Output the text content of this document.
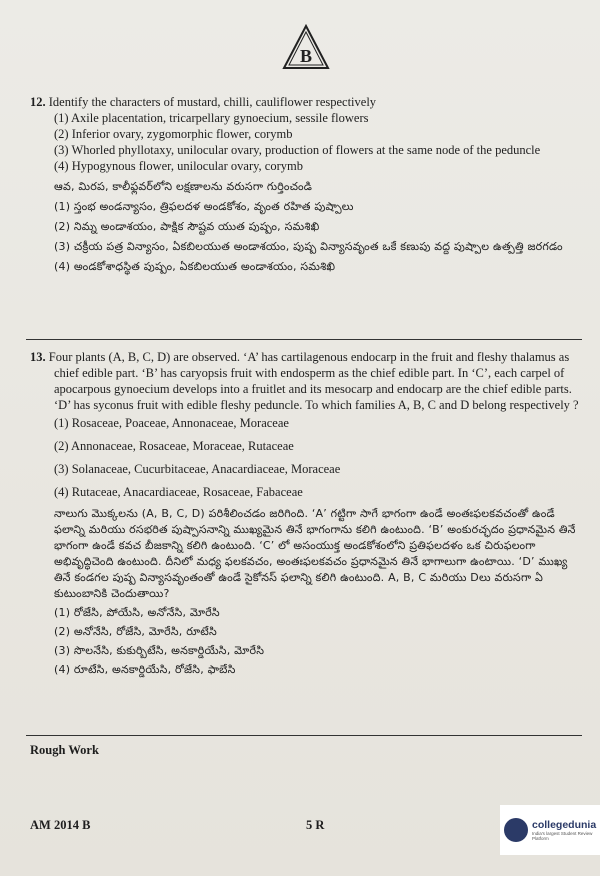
B
12. Identify the characters of mustard, chilli, cauliflower respectively
(1) Axile placentation, tricarpellary gynoecium, sessile flowers
(2) Inferior ovary, zygomorphic flower, corymb
(3) Whorled phyllotaxy, unilocular ovary, production of flowers at the same node of the peduncle
(4) Hypogynous flower, unilocular ovary, corymb
ఆవ, మిరప, కాలీఫ్లవర్‌లోని లక్షణాలను వరుసగా గుర్తించండి
(1) స్తంభ అండన్యాసం, త్రిఫలదళ అండకోశం, వృంత రహిత పుష్పాలు
(2) నిమ్న అండాశయం, పాక్షిక సౌష్టవ యుత పుష్పం, సమశిఖి
(3) చక్రీయ పత్ర విన్యాసం, ఏకబిలయుత అండాశయం, పుష్ప విన్యాసవృంత ఒకే కణుపు వద్ద పుష్పాల ఉత్పత్తి జరగడం
(4) అండకోశాధస్థిత పుష్పం, ఏకబిలయుత అండాశయం, సమశిఖి
13. Four plants (A, B, C, D) are observed. ‘A’ has cartilagenous endocarp in the fruit and fleshy thalamus as chief edible part. ‘B’ has caryopsis fruit with endosperm as the chief edible part. In ‘C’, each carpel of apocarpous gynoecium develops into a fruitlet and its mesocarp and endocarp are the chief edible parts. ‘D’ has syconus fruit with edible fleshy peduncle. To which families A, B, C and D belong respectively ?
(1) Rosaceae, Poaceae, Annonaceae, Moraceae
(2) Annonaceae, Rosaceae, Moraceae, Rutaceae
(3) Solanaceae, Cucurbitaceae, Anacardiaceae, Moraceae
(4) Rutaceae, Anacardiaceae, Rosaceae, Fabaceae
నాలుగు మొక్కలను (A, B, C, D) పరిశీలించడం జరిగింది. ‘A’ గట్టిగా సాగే భాగంగా ఉండే అంతఃఫలకవచంతో ఉండే ఫలాన్ని మరియు రసభరిత పుష్పాసనాన్ని ముఖ్యమైన తినే భాగంగాను కలిగి ఉంటుంది. ‘B’ అంకురచ్ఛదం ప్రధానమైన తినే భాగంగా ఉండే కవచ బీజకాన్ని కలిగి ఉంటుంది. ‘C’ లో అసంయుక్త అండకోశంలోని ప్రతిఫలదళం ఒక చిరుఫలంగా అభివృద్ధిచెంది ఉంటుంది. దీనిలో మధ్య ఫలకవచం, అంతఃఫలకవచం ప్రధానమైన తినే భాగాలుగా ఉంటాయి. ‘D’ ముఖ్య తినే కండగల పుష్ప విన్యాసవృంతంతో ఉండే సైకోనస్ ఫలాన్ని కలిగి ఉంటుంది. A, B, C మరియు Dలు వరుసగా ఏ కుటుంబానికి చెందుతాయి?
(1) రోజేసి, పోయేసి, అనోనేసి, మోరేసి
(2) అనోనేసి, రోజేసి, మోరేసి, రూటేసి
(3) సొలనేసి, కుకుర్బిటేసి, అనకార్డియేసి, మోరేసి
(4) రూటేసి, అనకార్డియేసి, రోజేసి, ఫాబేసి
Rough Work
AM 2014 B	5 R	collegedunia
India's largest Student Review Platform
